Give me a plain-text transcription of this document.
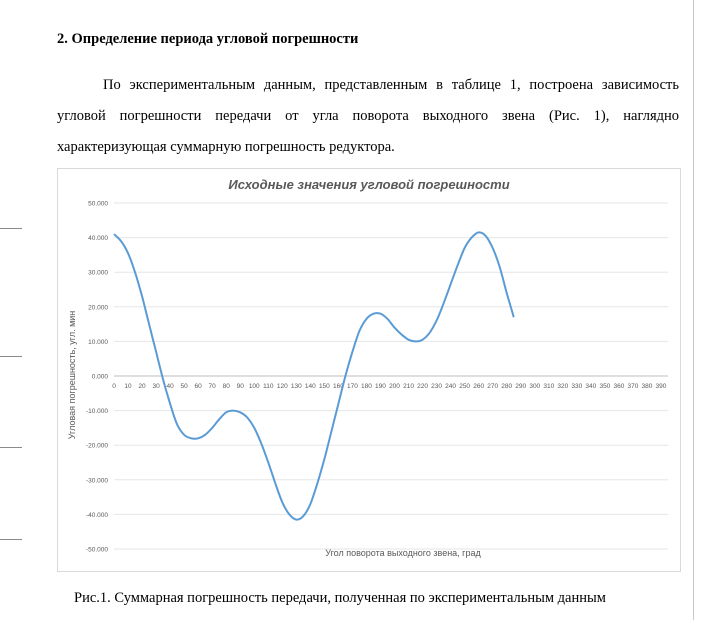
2. Определение периода угловой погрешности
По экспериментальным данным, представленным в таблице 1, построена зависимость угловой погрешности передачи от угла поворота выходного звена (Рис. 1), наглядно характеризующая суммарную погрешность редуктора.
Исходные значения угловой погрешности
50.000
40.000
30.000
20.000
10.000
0.000
-10.000
-20.000
-30.000
-40.000
-50.000
0 10 20 30 40 50 60 70 80 90 100 110 120 130 140 150 160 170 180 190 200 210 220 230 240 250 260 270 280 290 300 310 320 330 340 350 360 370 380 390
Угловая погрешность, угл. мин
Угол поворота выходного звена, град
Рис.1. Суммарная погрешность передачи, полученная по экспериментальным данным
